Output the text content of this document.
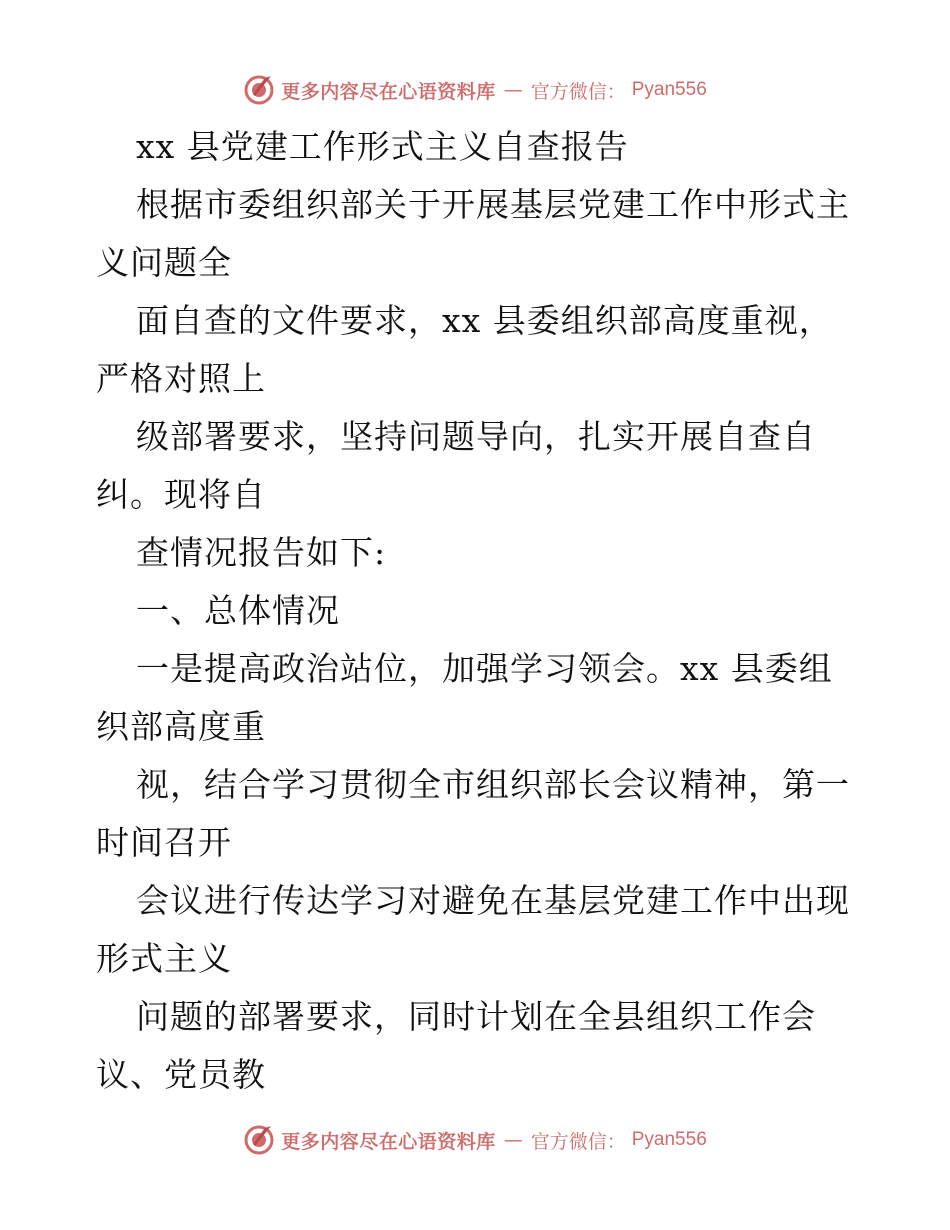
更多内容尽在心语资料库 — 官方微信： Pyan556
xx 县党建工作形式主义自查报告
根据市委组织部关于开展基层党建工作中形式主
义问题全
面自查的文件要求，xx 县委组织部高度重视，
严格对照上
级部署要求，坚持问题导向，扎实开展自查自
纠。现将自
查情况报告如下:
一、总体情况
一是提高政治站位，加强学习领会。xx 县委组
织部高度重
视，结合学习贯彻全市组织部长会议精神，第一
时间召开
会议进行传达学习对避免在基层党建工作中出现
形式主义
问题的部署要求，同时计划在全县组织工作会
议、党员教
更多内容尽在心语资料库 — 官方微信： Pyan556
